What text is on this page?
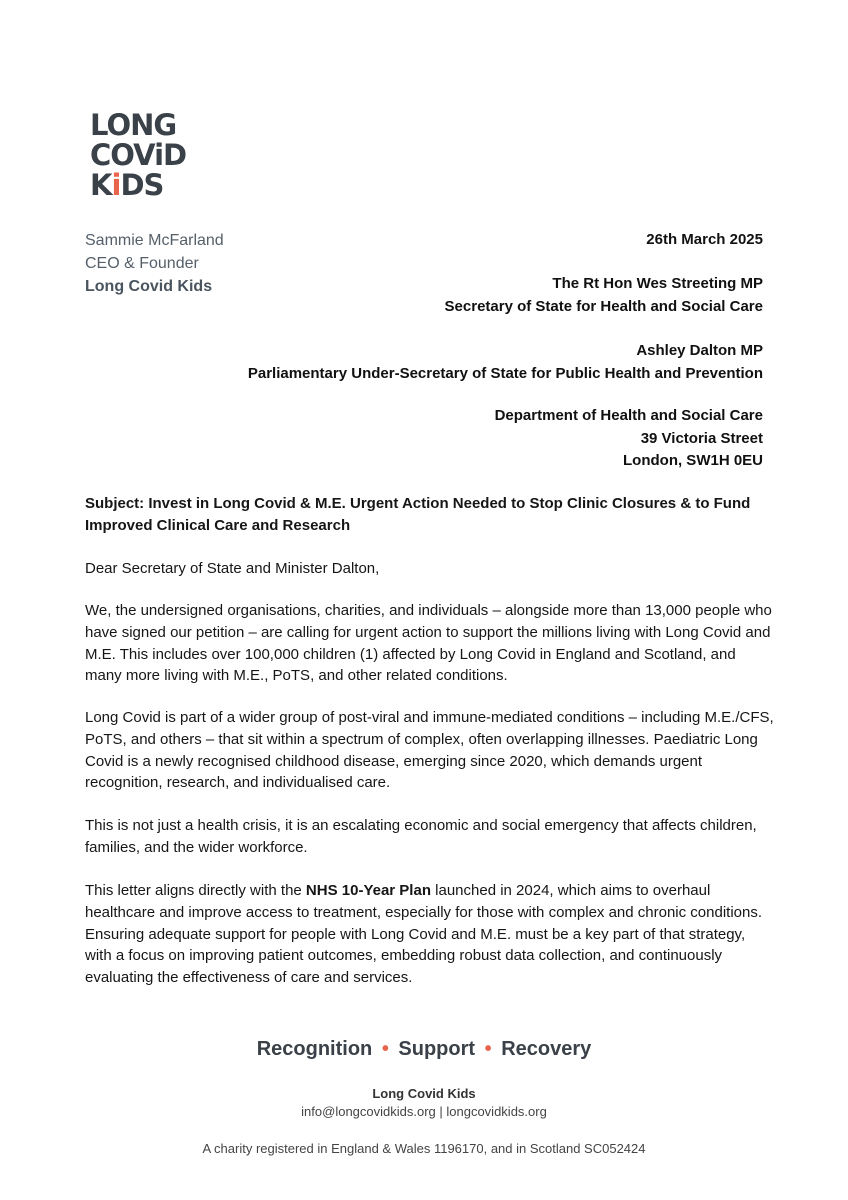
LONG
COViD
KiDS
Sammie McFarland
CEO & Founder
Long Covid Kids
26th March 2025
The Rt Hon Wes Streeting MP
Secretary of State for Health and Social Care
Ashley Dalton MP
Parliamentary Under-Secretary of State for Public Health and Prevention
Department of Health and Social Care
39 Victoria Street
London, SW1H 0EU
Subject: Invest in Long Covid & M.E. Urgent Action Needed to Stop Clinic Closures & to Fund Improved Clinical Care and Research
Dear Secretary of State and Minister Dalton,
We, the undersigned organisations, charities, and individuals – alongside more than 13,000 people who have signed our petition – are calling for urgent action to support the millions living with Long Covid and M.E. This includes over 100,000 children (1) affected by Long Covid in England and Scotland, and many more living with M.E., PoTS, and other related conditions.
Long Covid is part of a wider group of post-viral and immune-mediated conditions – including M.E./CFS, PoTS, and others – that sit within a spectrum of complex, often overlapping illnesses. Paediatric Long Covid is a newly recognised childhood disease, emerging since 2020, which demands urgent recognition, research, and individualised care.
This is not just a health crisis, it is an escalating economic and social emergency that affects children, families, and the wider workforce.
This letter aligns directly with the NHS 10-Year Plan launched in 2024, which aims to overhaul healthcare and improve access to treatment, especially for those with complex and chronic conditions. Ensuring adequate support for people with Long Covid and M.E. must be a key part of that strategy, with a focus on improving patient outcomes, embedding robust data collection, and continuously evaluating the effectiveness of care and services.
Recognition • Support • Recovery
Long Covid Kids
info@longcovidkids.org | longcovidkids.org
A charity registered in England & Wales 1196170, and in Scotland SC052424
